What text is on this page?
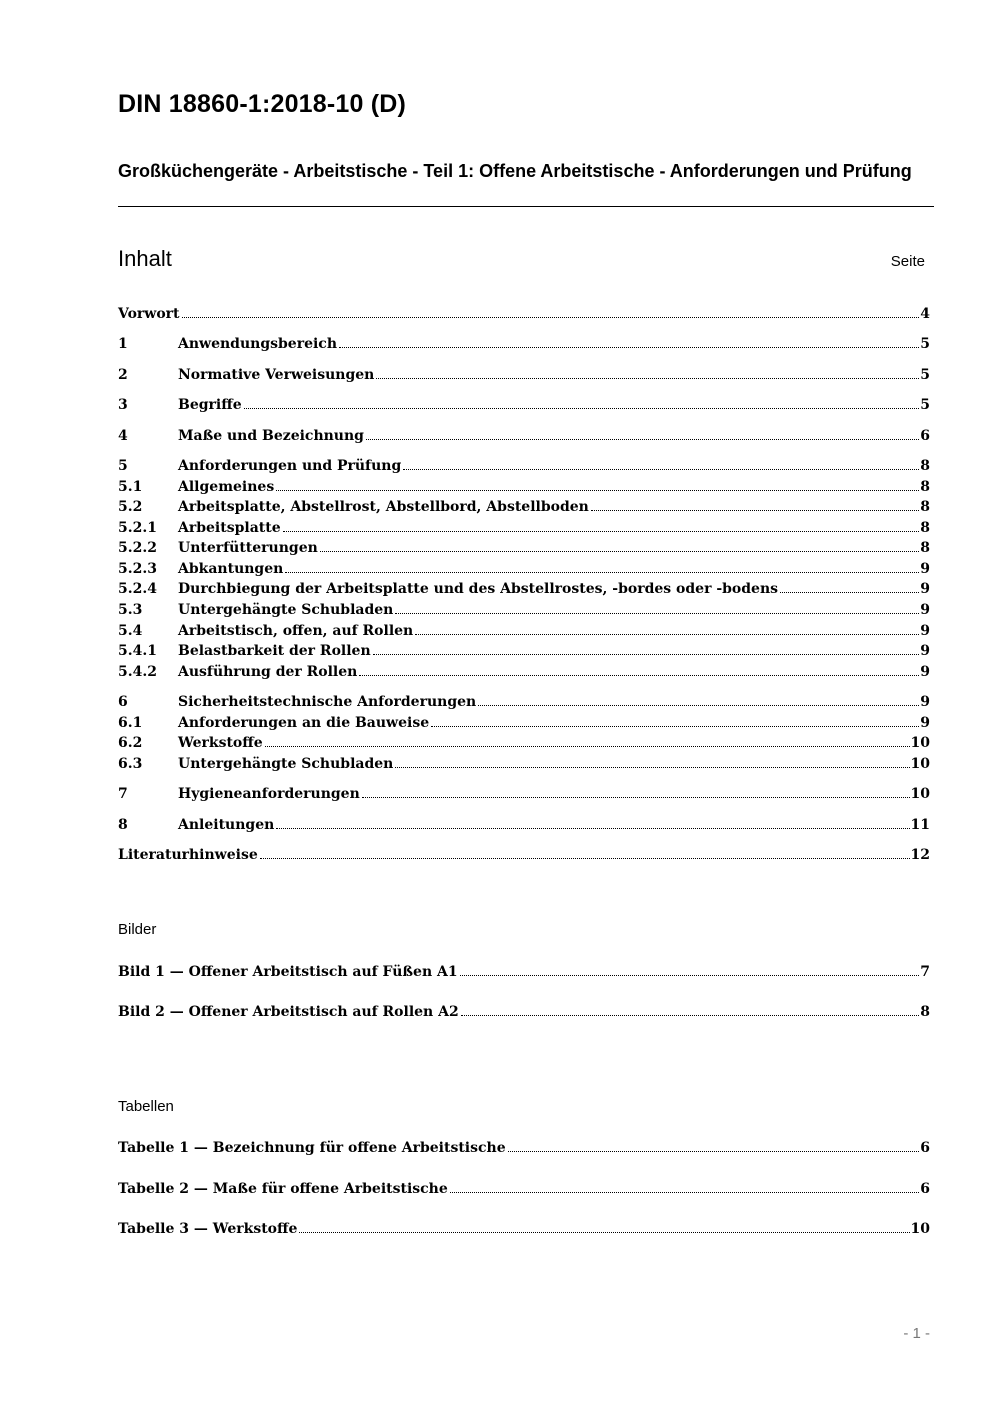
DIN 18860-1:2018-10 (D)
Großküchengeräte - Arbeitstische - Teil 1: Offene Arbeitstische - Anforderungen und Prüfung
Inhalt	Seite
Vorwort	4
1	Anwendungsbereich	5
2	Normative Verweisungen	5
3	Begriffe	5
4	Maße und Bezeichnung	6
5	Anforderungen und Prüfung	8
5.1	Allgemeines	8
5.2	Arbeitsplatte, Abstellrost, Abstellbord, Abstellboden	8
5.2.1	Arbeitsplatte	8
5.2.2	Unterfütterungen	8
5.2.3	Abkantungen	9
5.2.4	Durchbiegung der Arbeitsplatte und des Abstellrostes, -bordes oder -bodens	9
5.3	Untergehängte Schubladen	9
5.4	Arbeitstisch, offen, auf Rollen	9
5.4.1	Belastbarkeit der Rollen	9
5.4.2	Ausführung der Rollen	9
6	Sicherheitstechnische Anforderungen	9
6.1	Anforderungen an die Bauweise	9
6.2	Werkstoffe	10
6.3	Untergehängte Schubladen	10
7	Hygieneanforderungen	10
8	Anleitungen	11
Literaturhinweise	12
Bilder
Bild 1 — Offener Arbeitstisch auf Füßen A1	7
Bild 2 — Offener Arbeitstisch auf Rollen A2	8
Tabellen
Tabelle 1 — Bezeichnung für offene Arbeitstische	6
Tabelle 2 — Maße für offene Arbeitstische	6
Tabelle 3 — Werkstoffe	10
- 1 -
